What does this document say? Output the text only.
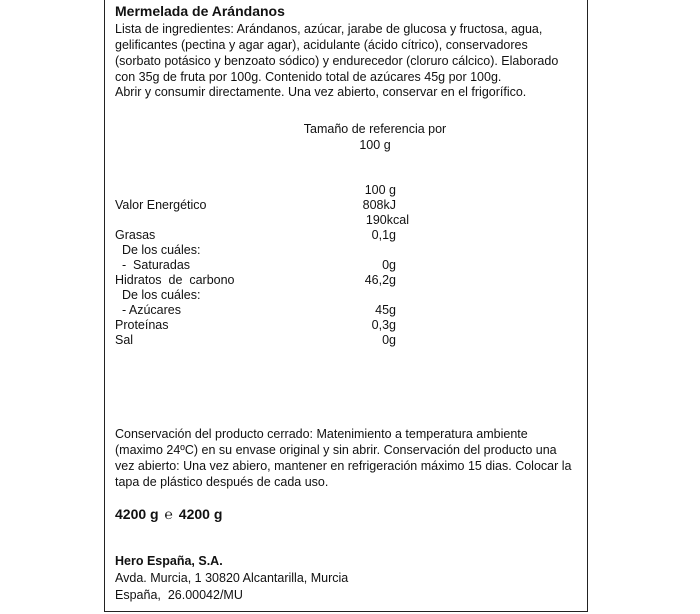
Mermelada de Arándanos
Lista de ingredientes: Arándanos, azúcar, jarabe de glucosa y fructosa, agua,
gelificantes (pectina y agar agar), acidulante (ácido cítrico), conservadores
(sorbato potásico y benzoato sódico) y endurecedor (cloruro cálcico). Elaborado
con 35g de fruta por 100g. Contenido total de azúcares 45g por 100g.
Abrir y consumir directamente. Una vez abierto, conservar en el frigorífico.
Tamaño de referencia por
100 g
100 g
Valor Energético	808kJ
190kcal
Grasas	0,1g
De los cuáles:
-  Saturadas	0g
Hidratos  de  carbono	46,2g
De los cuáles:
- Azúcares	45g
Proteínas	0,3g
Sal	0g
Conservación del producto cerrado: Matenimiento a temperatura ambiente
(maximo 24ºC) en su envase original y sin abrir. Conservación del producto una
vez abierto: Una vez abiero, mantener en refrigeración máximo 15 dias. Colocar la
tapa de plástico después de cada uso.
4200 g ℮ 4200 g
Hero España, S.A.
Avda. Murcia, 1 30820 Alcantarilla, Murcia
España,  26.00042/MU
